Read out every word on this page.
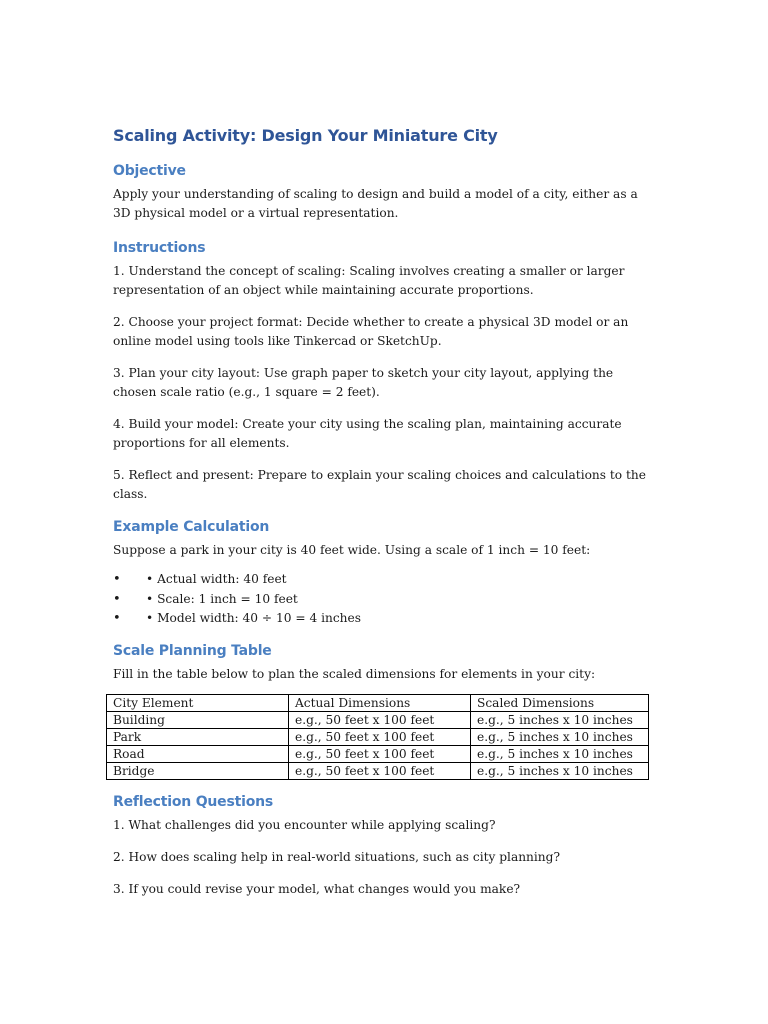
Scaling Activity: Design Your Miniature City
Objective

Apply your understanding of scaling to design and build a model of a city, either as a 3D physical model or a virtual representation.

Instructions

1. Understand the concept of scaling: Scaling involves creating a smaller or larger representation of an object while maintaining accurate proportions.

2. Choose your project format: Decide whether to create a physical 3D model or an online model using tools like Tinkercad or SketchUp.

3. Plan your city layout: Use graph paper to sketch your city layout, applying the chosen scale ratio (e.g., 1 square = 2 feet).

4. Build your model: Create your city using the scaling plan, maintaining accurate proportions for all elements.

5. Reflect and present: Prepare to explain your scaling choices and calculations to the class.

Example Calculation

Suppose a park in your city is 40 feet wide. Using a scale of 1 inch = 10 feet:

• • Actual width: 40 feet
• • Scale: 1 inch = 10 feet
• • Model width: 40 ÷ 10 = 4 inches
Scale Planning Table

Fill in the table below to plan the scaled dimensions for elements in your city:

City Element	Actual Dimensions	Scaled Dimensions
Building	e.g., 50 feet x 100 feet	e.g., 5 inches x 10 inches
Park	e.g., 50 feet x 100 feet	e.g., 5 inches x 10 inches
Road	e.g., 50 feet x 100 feet	e.g., 5 inches x 10 inches
Bridge	e.g., 50 feet x 100 feet	e.g., 5 inches x 10 inches
Reflection Questions

1. What challenges did you encounter while applying scaling?

2. How does scaling help in real-world situations, such as city planning?

3. If you could revise your model, what changes would you make?
